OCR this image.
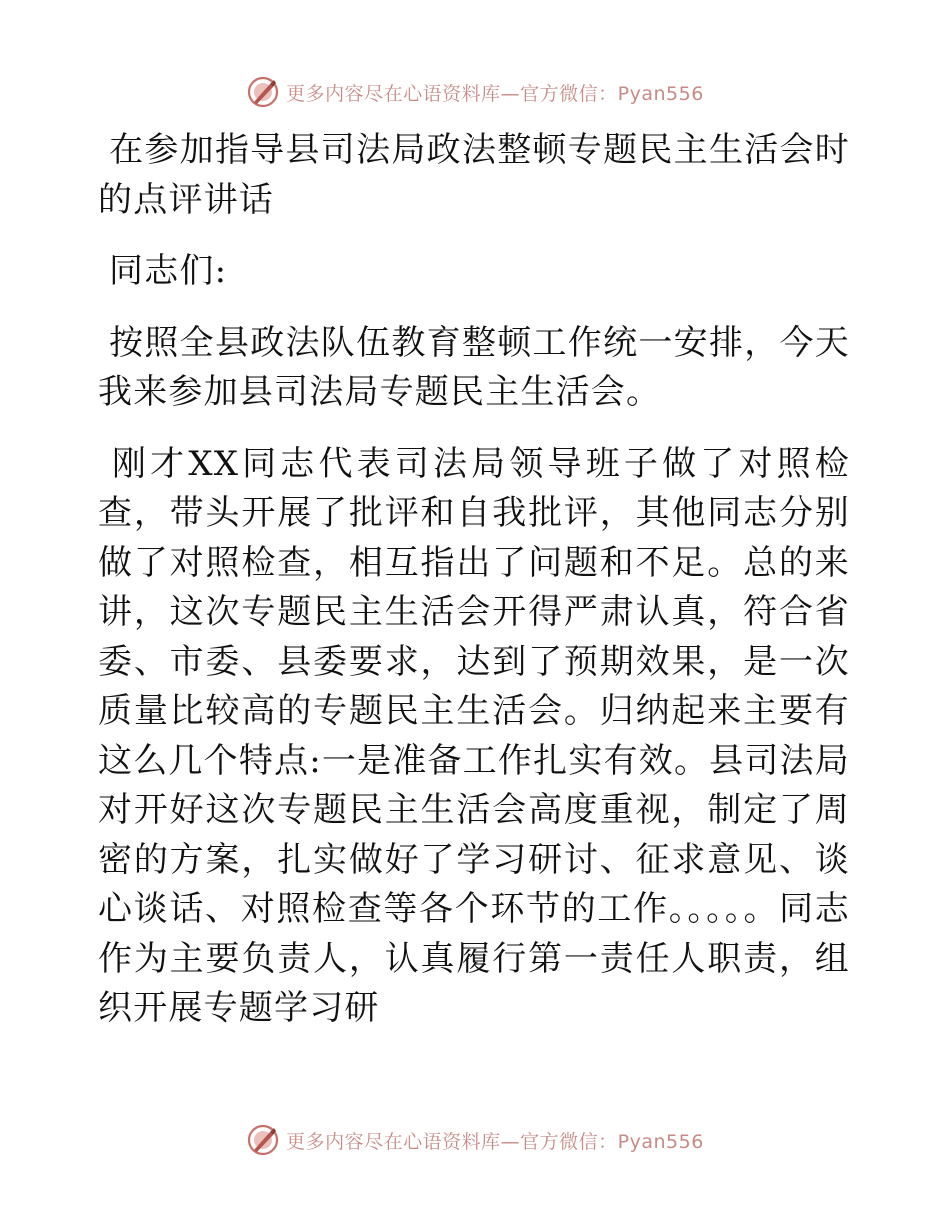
更多内容尽在心语资料库—官方微信：Pyan556

在参加指导县司法局政法整顿专题民主生活会时的点评讲话

同志们:

按照全县政法队伍教育整顿工作统一安排，今天我来参加县司法局专题民主生活会。

刚才XX同志代表司法局领导班子做了对照检查，带头开展了批评和自我批评，其他同志分别做了对照检查，相互指出了问题和不足。总的来讲，这次专题民主生活会开得严肃认真，符合省委、市委、县委要求，达到了预期效果，是一次质量比较高的专题民主生活会。归纳起来主要有这么几个特点:一是准备工作扎实有效。县司法局对开好这次专题民主生活会高度重视，制定了周密的方案，扎实做好了学习研讨、征求意见、谈心谈话、对照检查等各个环节的工作。。。。。同志作为主要负责人，认真履行第一责任人职责，组织开展专题学习研

更多内容尽在心语资料库—官方微信：Pyan556
